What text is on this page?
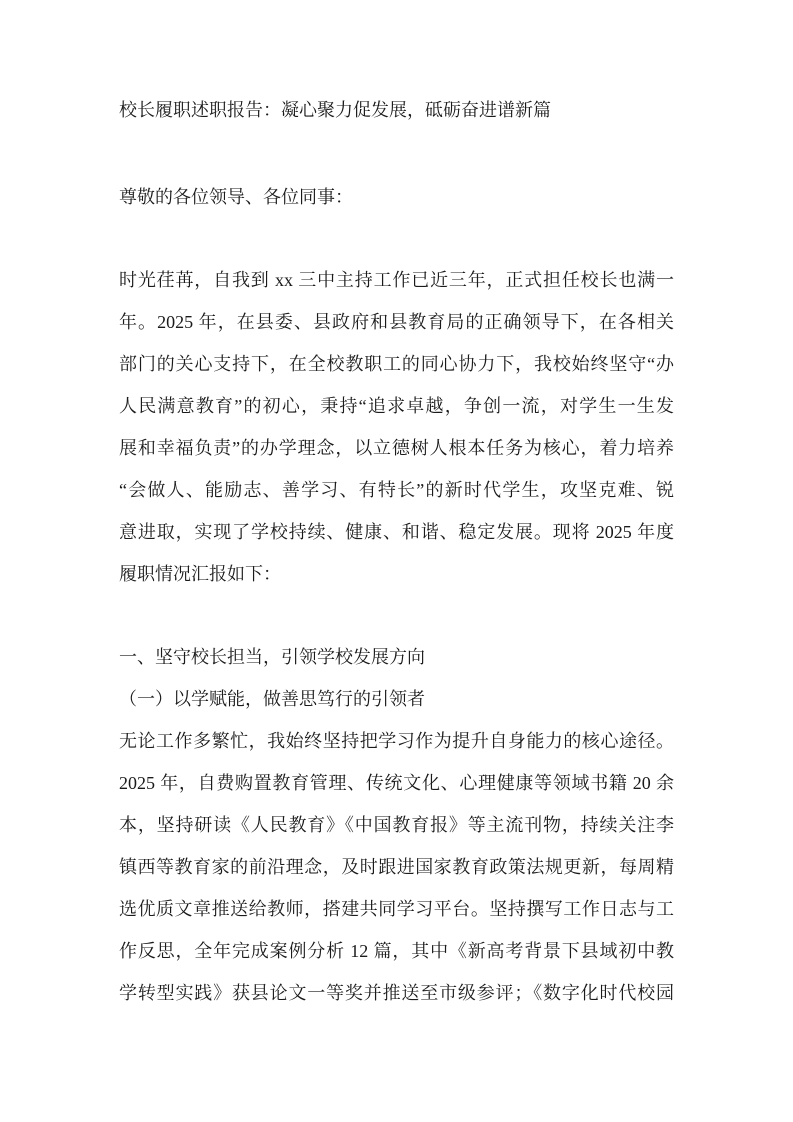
校长履职述职报告：凝心聚力促发展，砥砺奋进谱新篇
尊敬的各位领导、各位同事：
时光荏苒，自我到 xx 三中主持工作已近三年，正式担任校长也满一
年。2025 年，在县委、县政府和县教育局的正确领导下，在各相关
部门的关心支持下，在全校教职工的同心协力下，我校始终坚守“办
人民满意教育”的初心，秉持“追求卓越，争创一流，对学生一生发
展和幸福负责”的办学理念，以立德树人根本任务为核心，着力培养
“会做人、能励志、善学习、有特长”的新时代学生，攻坚克难、锐
意进取，实现了学校持续、健康、和谐、稳定发展。现将 2025 年度
履职情况汇报如下：
一、坚守校长担当，引领学校发展方向
（一）以学赋能，做善思笃行的引领者
无论工作多繁忙，我始终坚持把学习作为提升自身能力的核心途径。
2025 年，自费购置教育管理、传统文化、心理健康等领域书籍 20 余
本，坚持研读《人民教育》《中国教育报》等主流刊物，持续关注李
镇西等教育家的前沿理念，及时跟进国家教育政策法规更新，每周精
选优质文章推送给教师，搭建共同学习平台。坚持撰写工作日志与工
作反思，全年完成案例分析 12 篇，其中《新高考背景下县域初中教
学转型实践》获县论文一等奖并推送至市级参评；《数字化时代校园
